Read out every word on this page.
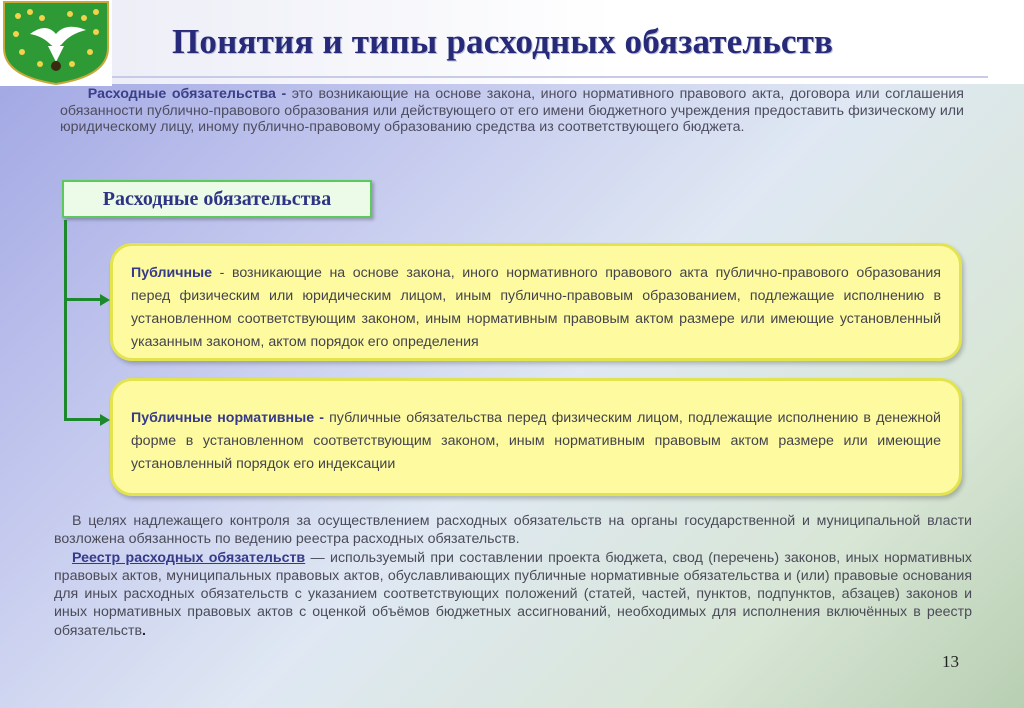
Понятия и типы расходных обязательств
Расходные обязательства - это возникающие на основе закона, иного нормативного правового акта, договора или соглашения обязанности публично-правового образования или действующего от его имени бюджетного учреждения предоставить физическому или юридическому лицу, иному публично-правовому образованию средства из соответствующего бюджета.
Расходные обязательства
Публичные - возникающие на основе закона, иного нормативного правового акта публично-правового образования перед физическим или юридическим лицом, иным публично-правовым образованием, подлежащие исполнению в установленном соответствующим законом, иным нормативным правовым актом размере или имеющие установленный указанным законом, актом порядок его определения
Публичные нормативные - публичные обязательства перед физическим лицом, подлежащие исполнению в денежной форме в установленном соответствующим законом, иным нормативным правовым актом размере или имеющие установленный порядок его индексации

В целях надлежащего контроля за осуществлением расходных обязательств на органы государственной и муниципальной власти возложена обязанность по ведению реестра расходных обязательств.

Реестр расходных обязательств — используемый при составлении проекта бюджета, свод (перечень) законов, иных нормативных правовых актов, муниципальных правовых актов, обуславливающих публичные нормативные обязательства и (или) правовые основания для иных расходных обязательств с указанием соответствующих положений (статей, частей, пунктов, подпунктов, абзацев) законов и иных нормативных правовых актов с оценкой объёмов бюджетных ассигнований, необходимых для исполнения включённых в реестр обязательств.

13
